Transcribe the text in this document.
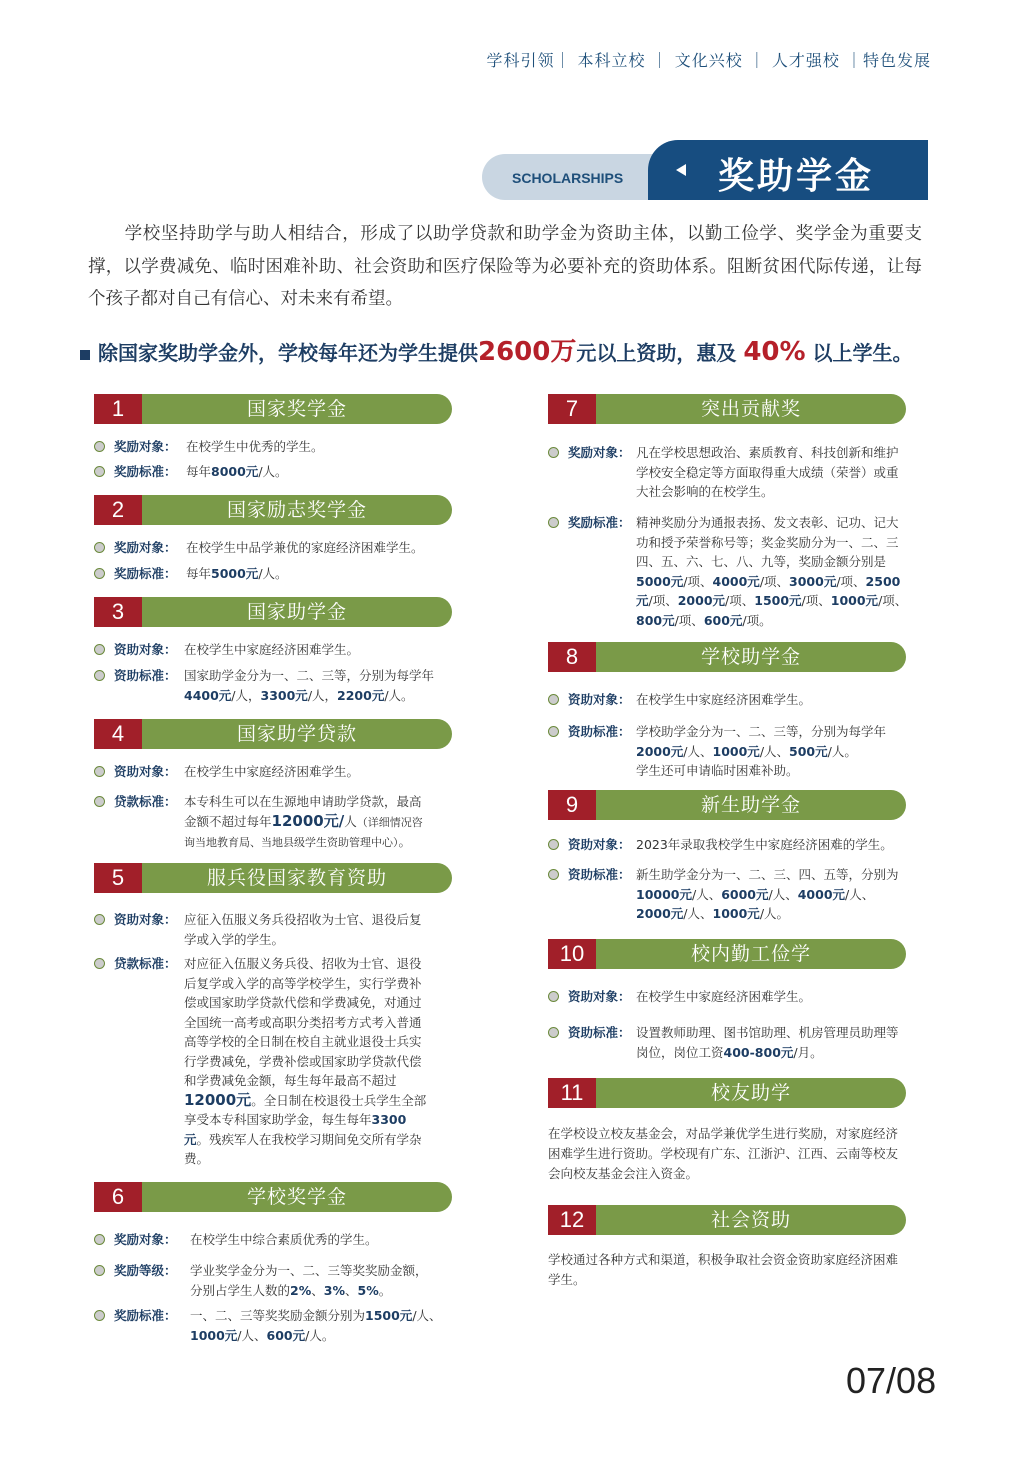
学科引领｜ 本科立校 ｜ 文化兴校 ｜ 人才强校 ｜特色发展
SCHOLARSHIPS	奖助学金
学校坚持助学与助人相结合，形成了以助学贷款和助学金为资助主体，以勤工俭学、奖学金为重要支撑，以学费减免、临时困难补助、社会资助和医疗保险等为必要补充的资助体系。阻断贫困代际传递，让每个孩子都对自己有信心、对未来有希望。
除国家奖助学金外，学校每年还为学生提供2600万元以上资助，惠及 40% 以上学生。
1	国家奖学金
奖励对象： 在校学生中优秀的学生。
奖励标准： 每年8000元/人。
2	国家励志奖学金
奖励对象： 在校学生中品学兼优的家庭经济困难学生。
奖励标准： 每年5000元/人。
3	国家助学金
资助对象： 在校学生中家庭经济困难学生。
资助标准： 国家助学金分为一、二、三等，分别为每学年4400元/人，3300元/人，2200元/人。
4	国家助学贷款
资助对象： 在校学生中家庭经济困难学生。
贷款标准： 本专科生可以在生源地申请助学贷款，最高金额不超过每年12000元/人（详细情况咨询当地教育局、当地县级学生资助管理中心）。
5	服兵役国家教育资助
资助对象： 应征入伍服义务兵役招收为士官、退役后复学或入学的学生。
贷款标准： 对应征入伍服义务兵役、招收为士官、退役后复学或入学的高等学校学生，实行学费补偿或国家助学贷款代偿和学费减免，对通过全国统一高考或高职分类招考方式考入普通高等学校的全日制在校自主就业退役士兵实行学费减免，学费补偿或国家助学贷款代偿和学费减免金额，每生每年最高不超过12000元。全日制在校退役士兵学生全部享受本专科国家助学金，每生每年3300元。残疾军人在我校学习期间免交所有学杂费。
6	学校奖学金
奖励对象： 在校学生中综合素质优秀的学生。
奖励等级： 学业奖学金分为一、二、三等奖奖励金额，分别占学生人数的2%、3%、5%。
奖励标准： 一、二、三等奖奖励金额分别为1500元/人、1000元/人、600元/人。
7	突出贡献奖
奖励对象： 凡在学校思想政治、素质教育、科技创新和维护学校安全稳定等方面取得重大成绩（荣誉）或重大社会影响的在校学生。
奖励标准： 精神奖励分为通报表扬、发文表彰、记功、记大功和授予荣誉称号等；奖金奖励分为一、二、三四、五、六、七、八、九等，奖励金额分别是5000元/项、4000元/项、3000元/项、2500元/项、2000元/项、1500元/项、1000元/项、800元/项、600元/项。
8	学校助学金
资助对象： 在校学生中家庭经济困难学生。
资助标准： 学校助学金分为一、二、三等，分别为每学年2000元/人、1000元/人、500元/人。
学生还可申请临时困难补助。
9	新生助学金
资助对象： 2023年录取我校学生中家庭经济困难的学生。
资助标准： 新生助学金分为一、二、三、四、五等，分别为10000元/人、6000元/人、4000元/人、2000元/人、1000元/人。
10	校内勤工俭学
资助对象： 在校学生中家庭经济困难学生。
资助标准： 设置教师助理、图书馆助理、机房管理员助理等岗位，岗位工资400-800元/月。
11	校友助学
在学校设立校友基金会，对品学兼优学生进行奖励，对家庭经济困难学生进行资助。学校现有广东、江浙沪、江西、云南等校友会向校友基金会注入资金。
12	社会资助
学校通过各种方式和渠道，积极争取社会资金资助家庭经济困难学生。
07/08
